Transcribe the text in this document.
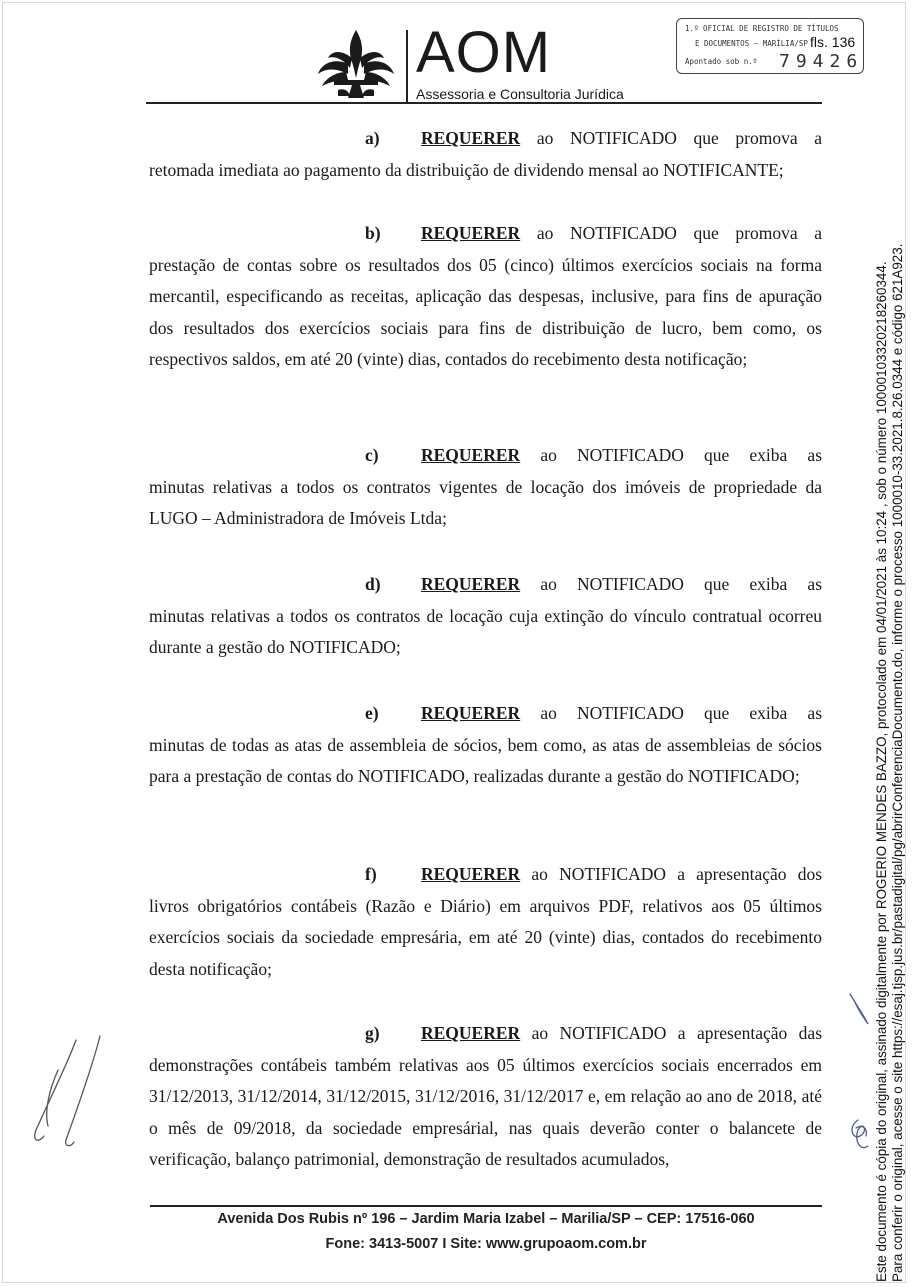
AOM
Assessoria e Consultoria Jurídica
1.º OFICIAL DE REGISTRO DE TÍTULOS
E DOCUMENTOS — MARÍLIA/SP
Apontado sob n.º 79426
fls. 136

a) REQUERER ao NOTIFICADO que promova a

retomada imediata ao pagamento da distribuição de dividendo mensal ao NOTIFICANTE;

b) REQUERER ao NOTIFICADO que promova a

prestação de contas sobre os resultados dos 05 (cinco) últimos exercícios sociais na forma mercantil, especificando as receitas, aplicação das despesas, inclusive, para fins de apuração dos resultados dos exercícios sociais para fins de distribuição de lucro, bem como, os respectivos saldos, em até 20 (vinte) dias, contados do recebimento desta notificação;

c) REQUERER ao NOTIFICADO que exiba as

minutas relativas a todos os contratos vigentes de locação dos imóveis de propriedade da LUGO – Administradora de Imóveis Ltda;

d) REQUERER ao NOTIFICADO que exiba as

minutas relativas a todos os contratos de locação cuja extinção do vínculo contratual ocorreu durante a gestão do NOTIFICADO;

e) REQUERER ao NOTIFICADO que exiba as

minutas de todas as atas de assembleia de sócios, bem como, as atas de assembleias de sócios para a prestação de contas do NOTIFICADO, realizadas durante a gestão do NOTIFICADO;

f)	REQUERER ao NOTIFICADO a apresentação dos

livros obrigatórios contábeis (Razão e Diário) em arquivos PDF, relativos aos 05 últimos exercícios sociais da sociedade empresária, em até 20 (vinte) dias, contados do recebimento desta notificação;

g) REQUERER ao NOTIFICADO a apresentação das

demonstrações contábeis também relativas aos 05 últimos exercícios sociais encerrados em 31/12/2013, 31/12/2014, 31/12/2015, 31/12/2016, 31/12/2017 e, em relação ao ano de 2018, até o mês de 09/2018, da sociedade empresárial, nas quais deverão conter o balancete de verificação, balanço patrimonial, demonstração de resultados acumulados,

Avenida Dos Rubis nº 196 – Jardim Maria Izabel – Marilia/SP – CEP: 17516-060
Fone: 3413-5007 I Site: www.grupoaom.com.br	Este documento é cópia do original, assinado digitalmente por ROGERIO MENDES BAZZO, protocolado em 04/01/2021 às 10:24 , sob o número 10000103320218260344. Para conferir o original, acesse o site https://esaj.tjsp.jus.br/pastadigital/pg/abrirConferenciaDocumento.do, informe o processo 1000010-33.2021.8.26.0344 e código 621A923.
